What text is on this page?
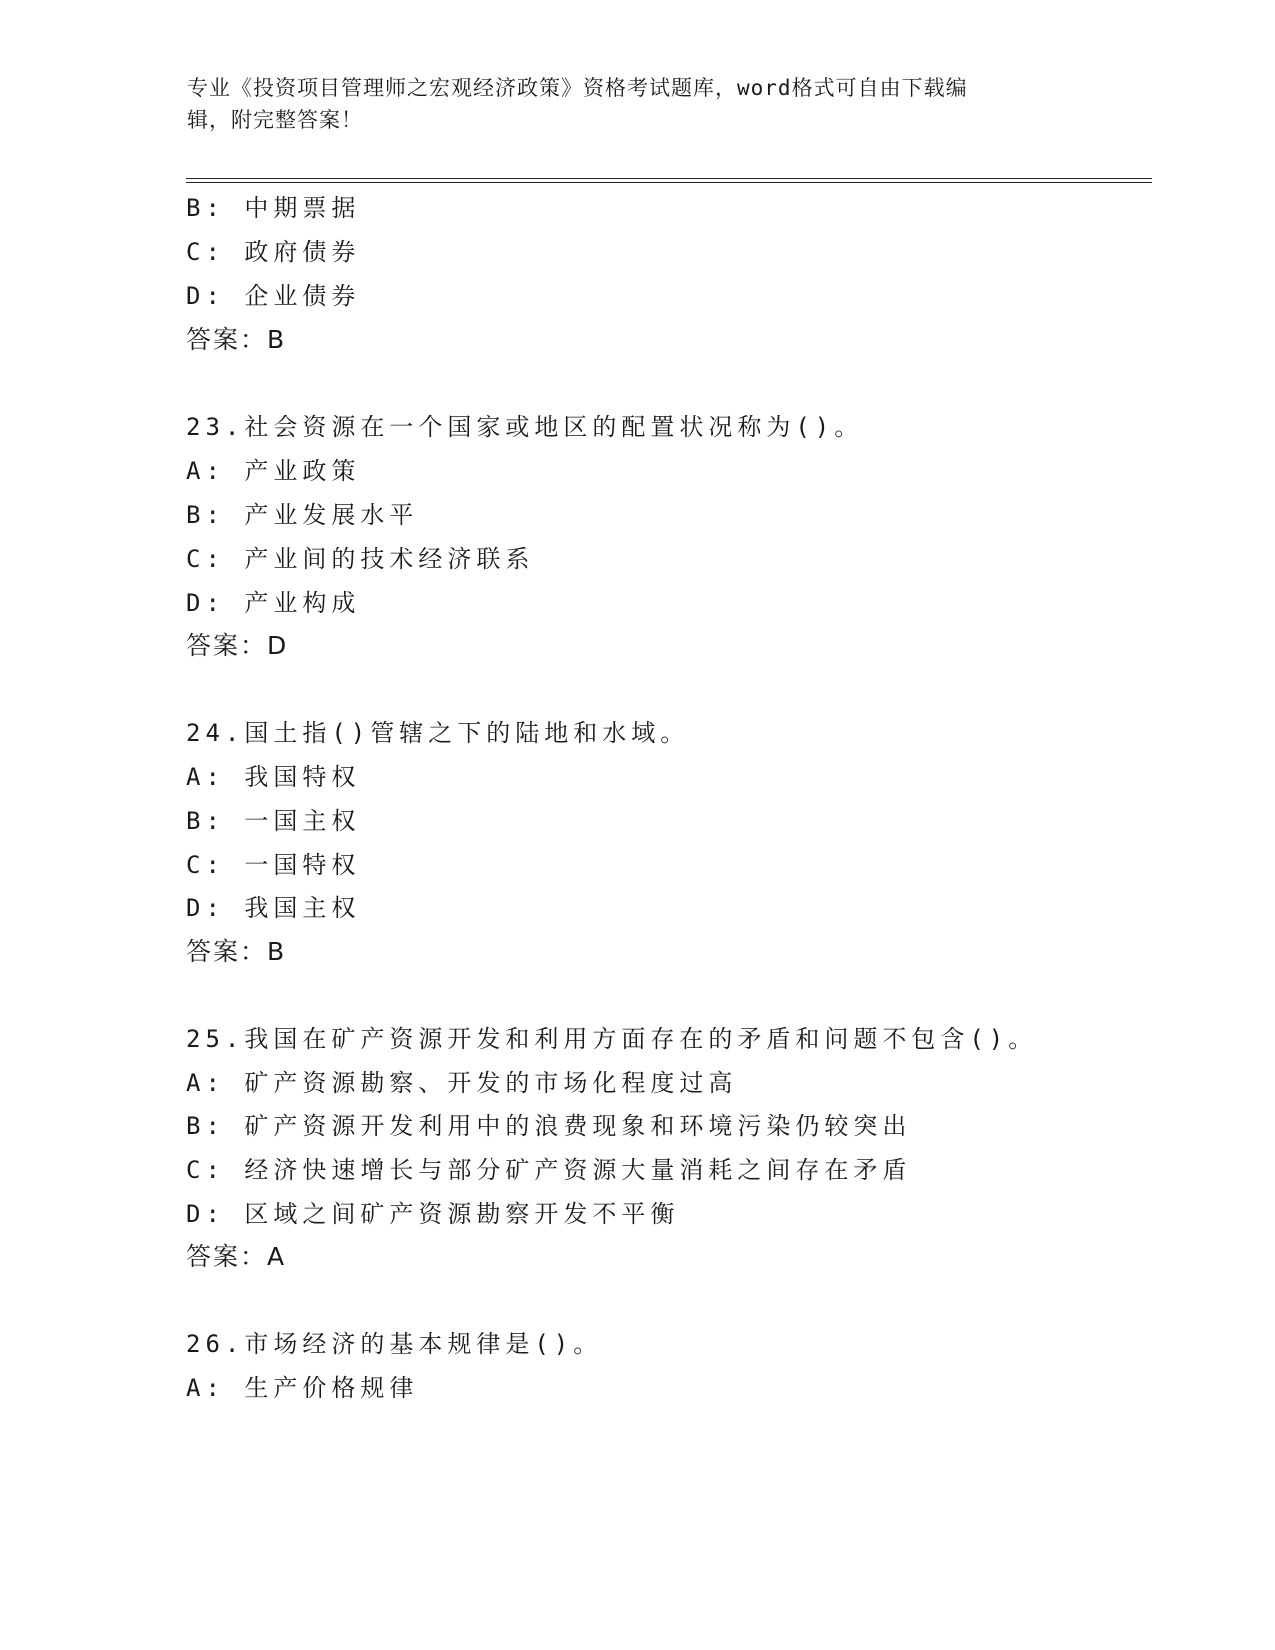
专业《投资项目管理师之宏观经济政策》资格考试题库，word格式可自由下载编
辑，附完整答案！
B: 中期票据
C: 政府债券
D: 企业债券
答案：B
23.社会资源在一个国家或地区的配置状况称为()。
A: 产业政策
B: 产业发展水平
C: 产业间的技术经济联系
D: 产业构成
答案：D
24.国土指()管辖之下的陆地和水域。
A: 我国特权
B: 一国主权
C: 一国特权
D: 我国主权
答案：B
25.我国在矿产资源开发和利用方面存在的矛盾和问题不包含()。
A: 矿产资源勘察、开发的市场化程度过高
B: 矿产资源开发利用中的浪费现象和环境污染仍较突出
C: 经济快速增长与部分矿产资源大量消耗之间存在矛盾
D: 区域之间矿产资源勘察开发不平衡
答案：A
26.市场经济的基本规律是()。
A: 生产价格规律
